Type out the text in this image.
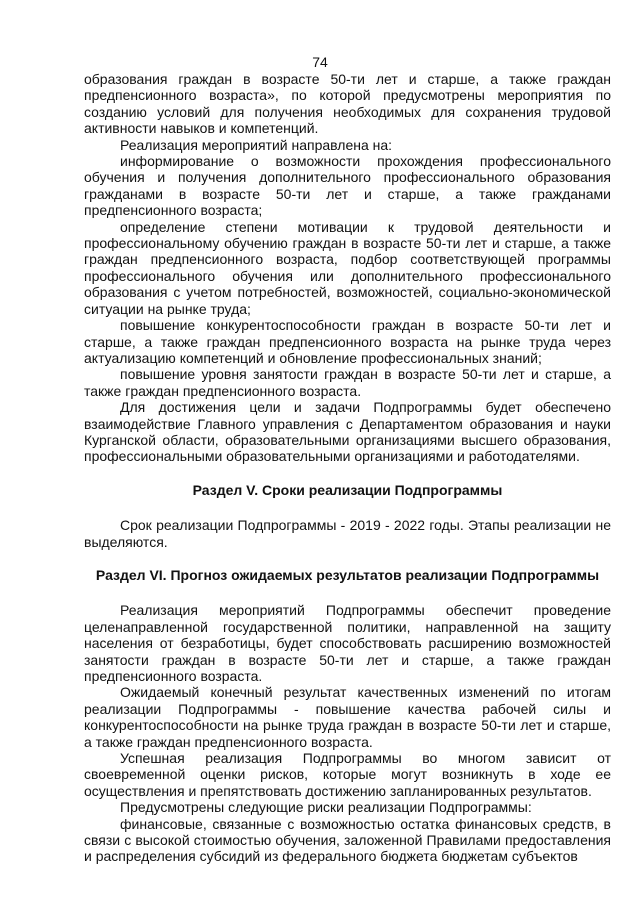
74

образования граждан в возрасте 50-ти лет и старше, а также граждан предпенсионного возраста», по которой предусмотрены мероприятия по созданию условий для получения необходимых для сохранения трудовой активности навыков и компетенций.

Реализация мероприятий направлена на:

информирование о возможности прохождения профессионального обучения и получения дополнительного профессионального образования гражданами в возрасте 50-ти лет и старше, а также гражданами предпенсионного возраста;

определение степени мотивации к трудовой деятельности и профессиональному обучению граждан в возрасте 50-ти лет и старше, а также граждан предпенсионного возраста, подбор соответствующей программы профессионального обучения или дополнительного профессионального образования с учетом потребностей, возможностей, социально-экономической ситуации на рынке труда;

повышение конкурентоспособности граждан в возрасте 50-ти лет и старше, а также граждан предпенсионного возраста на рынке труда через актуализацию компетенций и обновление профессиональных знаний;

повышение уровня занятости граждан в возрасте 50-ти лет и старше, а также граждан предпенсионного возраста.

Для достижения цели и задачи Подпрограммы будет обеспечено взаимодействие Главного управления с Департаментом образования и науки Курганской области, образовательными организациями высшего образования, профессиональными образовательными организациями и работодателями.

Раздел V. Сроки реализации Подпрограммы

Срок реализации Подпрограммы - 2019 - 2022 годы. Этапы реализации не выделяются.

Раздел VI. Прогноз ожидаемых результатов реализации Подпрограммы

Реализация мероприятий Подпрограммы обеспечит проведение целенаправленной государственной политики, направленной на защиту населения от безработицы, будет способствовать расширению возможностей занятости граждан в возрасте 50-ти лет и старше, а также граждан предпенсионного возраста.

Ожидаемый конечный результат качественных изменений по итогам реализации Подпрограммы - повышение качества рабочей силы и конкурентоспособности на рынке труда граждан в возрасте 50-ти лет и старше, а также граждан предпенсионного возраста.

Успешная реализация Подпрограммы во многом зависит от своевременной оценки рисков, которые могут возникнуть в ходе ее осуществления и препятствовать достижению запланированных результатов.

Предусмотрены следующие риски реализации Подпрограммы:

финансовые, связанные с возможностью остатка финансовых средств, в связи с высокой стоимостью обучения, заложенной Правилами предоставления и распределения субсидий из федерального бюджета бюджетам субъектов
